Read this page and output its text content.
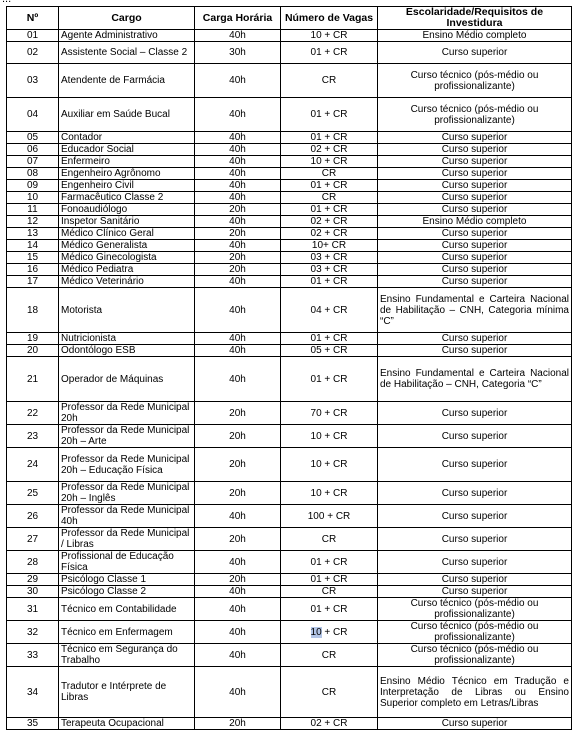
Nº	Cargo	Carga Horária	Número de Vagas	Escolaridade/Requisitos de Investidura
01	Agente Administrativo	40h	10 + CR	Ensino Médio completo
02	Assistente Social – Classe 2	30h	01 + CR	Curso superior
03	Atendente de Farmácia	40h	CR	Curso técnico (pós-médio ou profissionalizante)
04	Auxiliar em Saúde Bucal	40h	01 + CR	Curso técnico (pós-médio ou profissionalizante)
05	Contador	40h	01 + CR	Curso superior
06	Educador Social	40h	02 + CR	Curso superior
07	Enfermeiro	40h	10 + CR	Curso superior
08	Engenheiro Agrônomo	40h	CR	Curso superior
09	Engenheiro Civil	40h	01 + CR	Curso superior
10	Farmacêutico Classe 2	40h	CR	Curso superior
11	Fonoaudiólogo	20h	01 + CR	Curso superior
12	Inspetor Sanitário	40h	02 + CR	Ensino Médio completo
13	Médico Clínico Geral	20h	02 + CR	Curso superior
14	Médico Generalista	40h	10+ CR	Curso superior
15	Médico Ginecologista	20h	03 + CR	Curso superior
16	Médico Pediatra	20h	03 + CR	Curso superior
17	Médico Veterinário	40h	01 + CR	Curso superior
18	Motorista	40h	04 + CR	Ensino Fundamental e Carteira Nacional de Habilitação – CNH, Categoria mínima “C”
19	Nutricionista	40h	01 + CR	Curso superior
20	Odontólogo ESB	40h	05 + CR	Curso superior
21	Operador de Máquinas	40h	01 + CR	Ensino Fundamental e Carteira Nacional de Habilitação – CNH, Categoria “C”
22	Professor da Rede Municipal 20h	20h	70 + CR	Curso superior
23	Professor da Rede Municipal 20h – Arte	20h	10 + CR	Curso superior
24	Professor da Rede Municipal 20h – Educação Física	20h	10 + CR	Curso superior
25	Professor da Rede Municipal 20h – Inglês	20h	10 + CR	Curso superior
26	Professor da Rede Municipal 40h	40h	100 + CR	Curso superior
27	Professor da Rede Municipal / Libras	20h	CR	Curso superior
28	Profissional de Educação Física	40h	01 + CR	Curso superior
29	Psicólogo Classe 1	20h	01 + CR	Curso superior
30	Psicólogo Classe 2	40h	CR	Curso superior
31	Técnico em Contabilidade	40h	01 + CR	Curso técnico (pós-médio ou profissionalizante)
32	Técnico em Enfermagem	40h	10 + CR	Curso técnico (pós-médio ou profissionalizante)
33	Técnico em Segurança do Trabalho	40h	CR	Curso técnico (pós-médio ou profissionalizante)
34	Tradutor e Intérprete de Libras	40h	CR	Ensino Médio Técnico em Tradução e Interpretação de Libras ou Ensino Superior completo em Letras/Libras
35	Terapeuta Ocupacional	20h	02 + CR	Curso superior
